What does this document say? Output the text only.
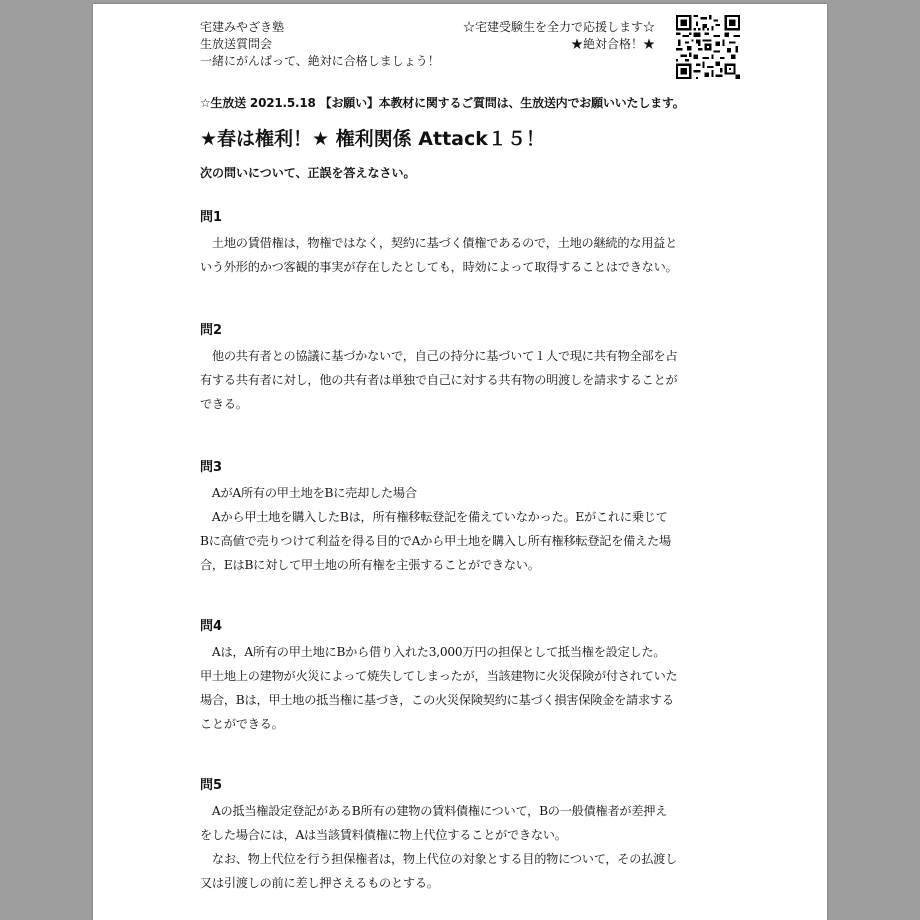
宅建みやざき塾
生放送質問会
一緒にがんばって、絶対に合格しましょう！
☆宅建受験生を全力で応援します☆
★絶対合格！★
☆生放送 2021.5.18 【お願い】本教材に関するご質問は、生放送内でお願いいたします。
★春は権利！★ 権利関係 Attack１５！
次の問いについて、正誤を答えなさい。
問1
　土地の賃借権は，物権ではなく，契約に基づく債権であるので，土地の継続的な用益と
いう外形的かつ客観的事実が存在したとしても，時効によって取得することはできない。
問2
　他の共有者との協議に基づかないで，自己の持分に基づいて１人で現に共有物全部を占
有する共有者に対し，他の共有者は単独で自己に対する共有物の明渡しを請求することが
できる。
問3
　AがA所有の甲土地をBに売却した場合
　Aから甲土地を購入したBは，所有権移転登記を備えていなかった。Eがこれに乗じて
Bに高値で売りつけて利益を得る目的でAから甲土地を購入し所有権移転登記を備えた場
合，EはBに対して甲土地の所有権を主張することができない。
問4
　Aは，A所有の甲土地にBから借り入れた3,000万円の担保として抵当権を設定した。
甲土地上の建物が火災によって焼失してしまったが，当該建物に火災保険が付されていた
場合，Bは，甲土地の抵当権に基づき，この火災保険契約に基づく損害保険金を請求する
ことができる。
問5
　Aの抵当権設定登記があるB所有の建物の賃料債権について，Bの一般債権者が差押え
をした場合には，Aは当該賃料債権に物上代位することができない。
　なお、物上代位を行う担保権者は，物上代位の対象とする目的物について，その払渡し
又は引渡しの前に差し押さえるものとする。
